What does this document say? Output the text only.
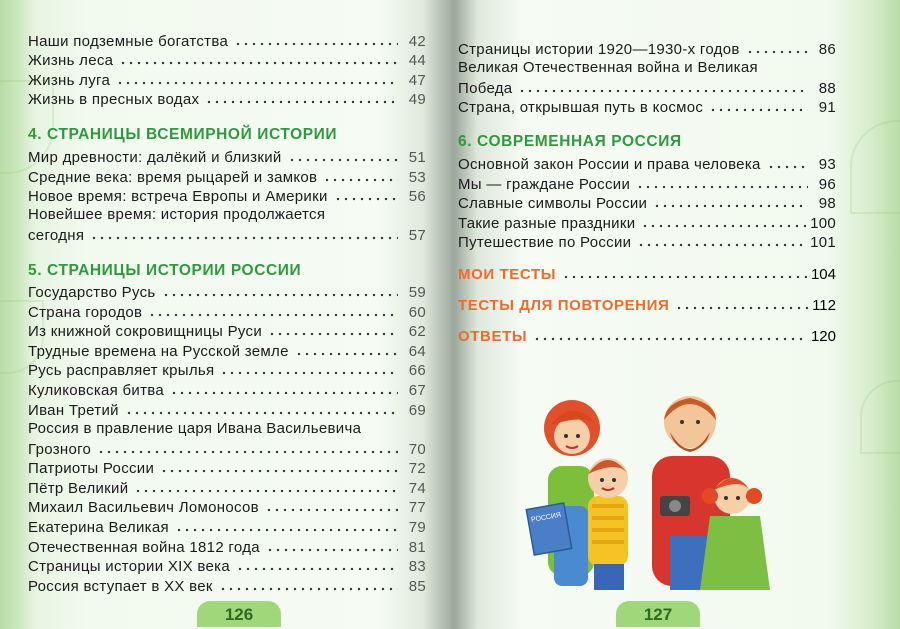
Наши подземные богатства	42
Жизнь леса	44
Жизнь луга	47
Жизнь в пресных водах	49
4. СТРАНИЦЫ ВСЕМИРНОЙ ИСТОРИИ
Мир древности: далёкий и близкий	51
Средние века: время рыцарей и замков	53
Новое время: встреча Европы и Америки	56
Новейшее время: история продолжается
сегодня	57
5. СТРАНИЦЫ ИСТОРИИ РОССИИ
Государство Русь	59
Страна городов	60
Из книжной сокровищницы Руси	62
Трудные времена на Русской земле	64
Русь расправляет крылья	66
Куликовская битва	67
Иван Третий	69
Россия в правление царя Ивана Васильевича
Грозного	70
Патриоты России	72
Пётр Великий	74
Михаил Васильевич Ломоносов	77
Екатерина Великая	79
Отечественная война 1812 года	81
Страницы истории XIX века	83
Россия вступает в XX век	85
Страницы истории 1920—1930-х годов	86
Великая Отечественная война и Великая
Победа	88
Страна, открывшая путь в космос	91
6. СОВРЕМЕННАЯ РОССИЯ
Основной закон России и права человека	93
Мы — граждане России	96
Славные символы России	98
Такие разные праздники	100
Путешествие по России	101
МОИ ТЕСТЫ	104
ТЕСТЫ ДЛЯ ПОВТОРЕНИЯ	112
ОТВЕТЫ	120
РОССИЯ
126	127
